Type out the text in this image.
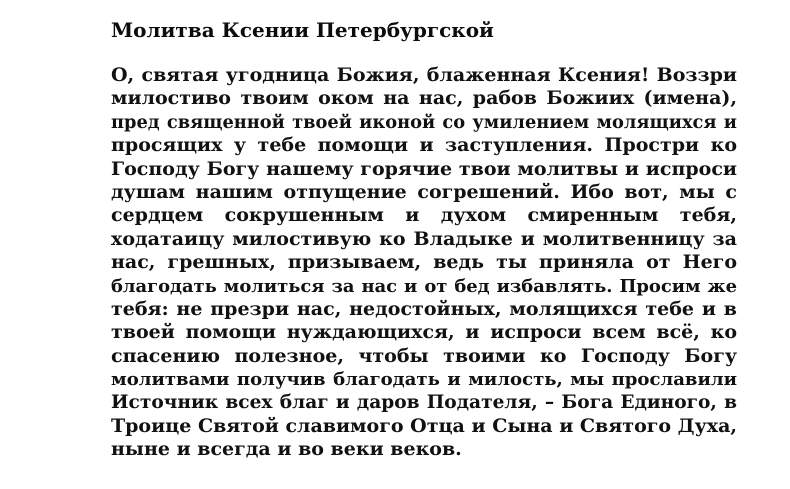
Молитва Ксении Петербургской
О, святая угодница Божия, блаженная Ксения! Воззри
милостиво твоим оком на нас, рабов Божиих (имена),
пред священной твоей иконой со умилением молящихся и
просящих у тебе помощи и заступления. Простри ко
Господу Богу нашему горячие твои молитвы и испроси
душам нашим отпущение согрешений. Ибо вот, мы с
сердцем сокрушенным и духом смиренным тебя,
ходатаицу милостивую ко Владыке и молитвенницу за
нас, грешных, призываем, ведь ты приняла от Него
благодать молиться за нас и от бед избавлять. Просим же
тебя: не презри нас, недостойных, молящихся тебе и в
твоей помощи нуждающихся, и испроси всем всё, ко
спасению полезное, чтобы твоими ко Господу Богу
молитвами получив благодать и милость, мы прославили
Источник всех благ и даров Подателя, – Бога Единого, в
Троице Святой славимого Отца и Сына и Святого Духа,
ныне и всегда и во веки веков.
